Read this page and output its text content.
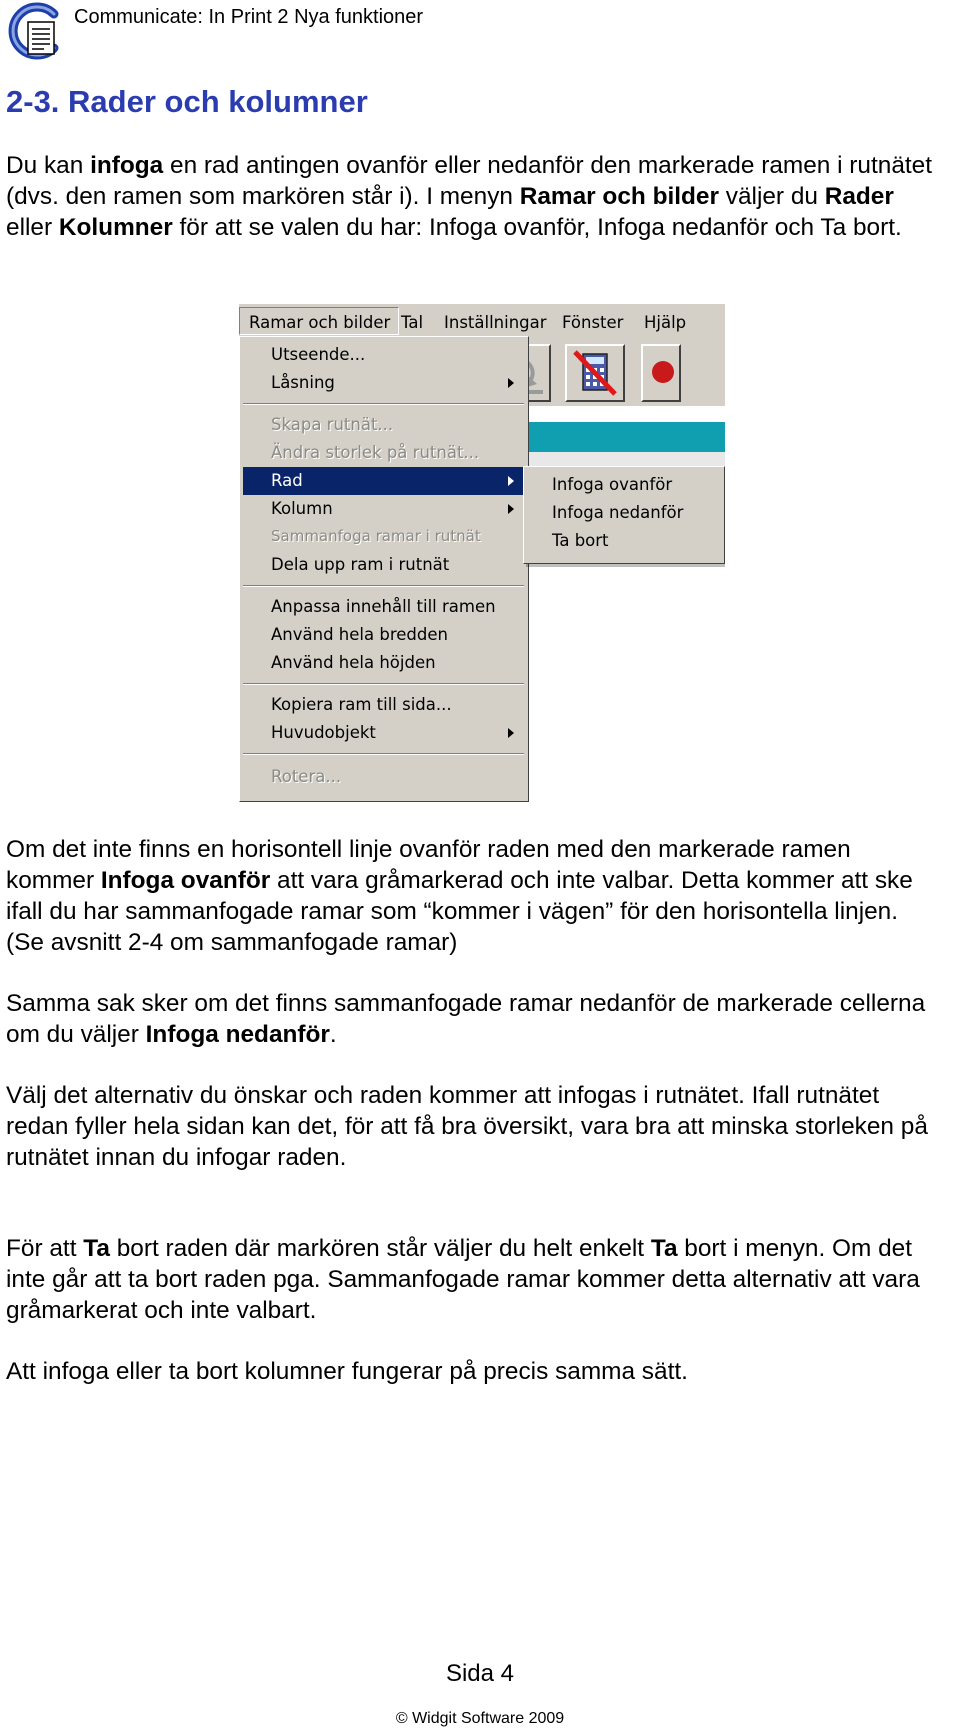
Communicate: In Print 2 Nya funktioner
2-3. Rader och kolumner

Du kan infoga en rad antingen ovanför eller nedanför den markerade ramen i rutnätet (dvs. den ramen som markören står i). I menyn Ramar och bilder väljer du Rader eller Kolumner för att se valen du har: Infoga ovanför, Infoga nedanför och Ta bort.

Ramar och bilder Tal Inställningar Fönster Hjälp
Utseende...
Låsning
Skapa rutnät...
Ändra storlek på rutnät...
Rad
Kolumn
Sammanfoga ramar i rutnät
Dela upp ram i rutnät
Anpassa innehåll till ramen
Använd hela bredden
Använd hela höjden
Kopiera ram till sida...
Huvudobjekt
Rotera...
Infoga ovanför
Infoga nedanför
Ta bort

Om det inte finns en horisontell linje ovanför raden med den markerade ramen kommer Infoga ovanför att vara gråmarkerad och inte valbar. Detta kommer att ske ifall du har sammanfogade ramar som “kommer i vägen” för den horisontella linjen. (Se avsnitt 2-4 om sammanfogade ramar)

Samma sak sker om det finns sammanfogade ramar nedanför de markerade cellerna om du väljer Infoga nedanför.

Välj det alternativ du önskar och raden kommer att infogas i rutnätet. Ifall rutnätet redan fyller hela sidan kan det, för att få bra översikt, vara bra att minska storleken på rutnätet innan du infogar raden.

För att Ta bort raden där markören står väljer du helt enkelt Ta bort i menyn. Om det inte går att ta bort raden pga. Sammanfogade ramar kommer detta alternativ att vara gråmarkerat och inte valbart.

Att infoga eller ta bort kolumner fungerar på precis samma sätt.

Sida 4
© Widgit Software 2009
